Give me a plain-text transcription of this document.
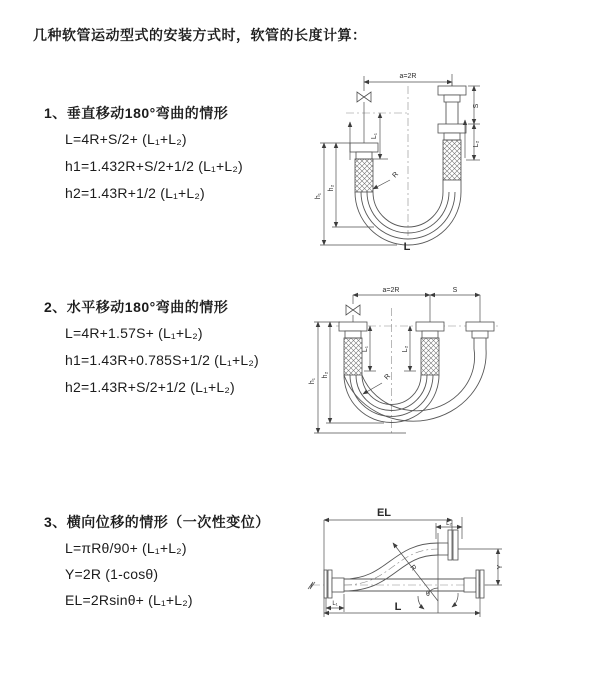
几种软管运动型式的安装方式时，软管的长度计算：
1、垂直移动180°弯曲的情形
L=4R+S/2+ (L₁+L₂)
h1=1.432R+S/2+1/2 (L₁+L₂)
h2=1.43R+1/2 (L₁+L₂)
2、水平移动180°弯曲的情形
L=4R+1.57S+ (L₁+L₂)
h1=1.43R+0.785S+1/2 (L₁+L₂)
h2=1.43R+S/2+1/2 (L₁+L₂)
3、横向位移的情形（一次性变位）
L=πRθ/90+ (L₁+L₂)
Y=2R (1-cosθ)
EL=2Rsinθ+ (L₁+L₂)
a=2R
h₁
h₂
L₁
S
L₂
R
L
a=2R	S
h₁
h₂
L₁	L₂
R
EL
L₂
Y
R
θ
L₁	L
